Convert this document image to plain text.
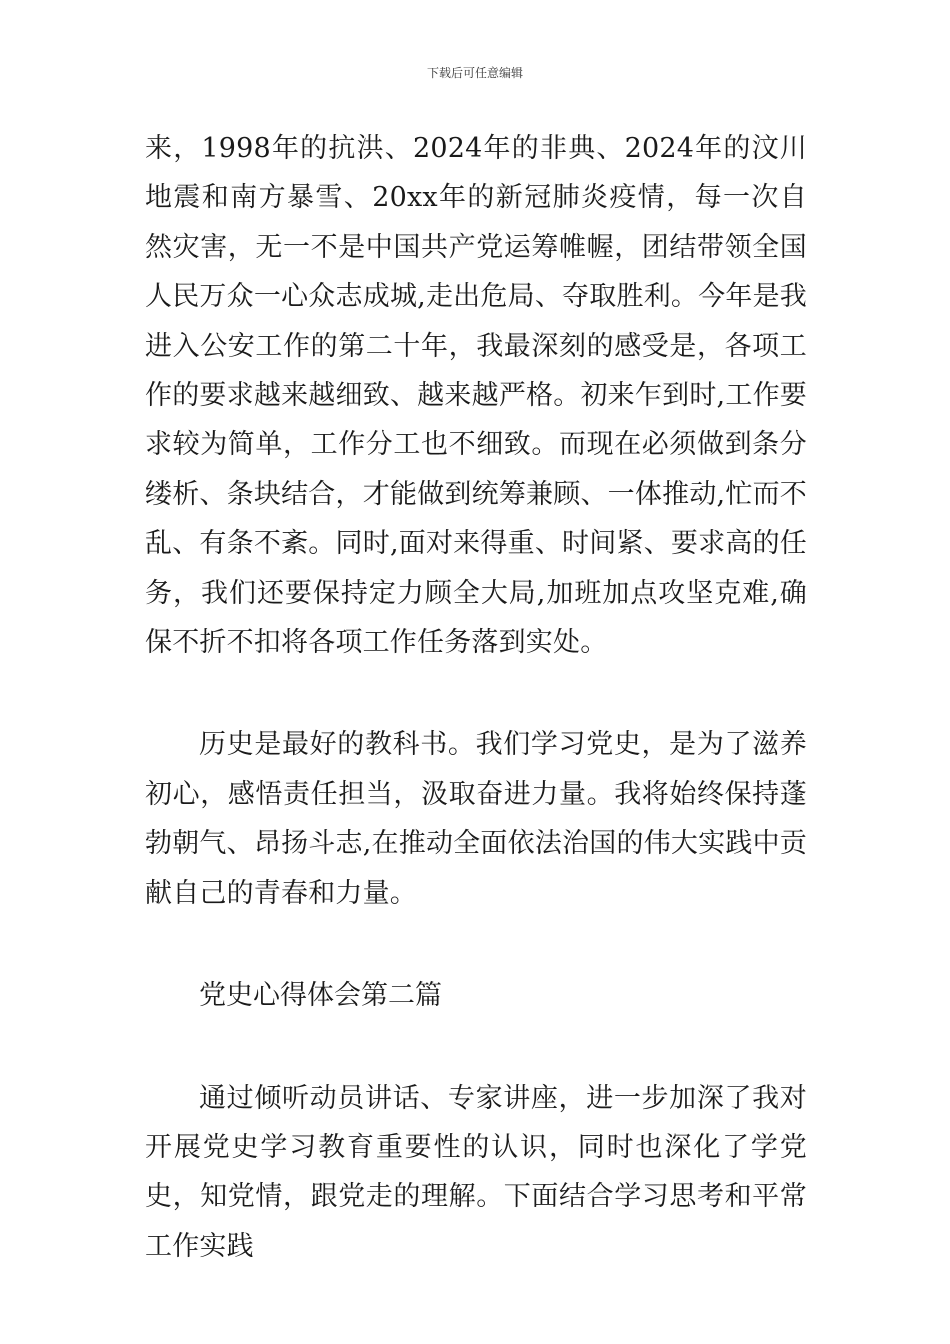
下载后可任意编辑

来，1998年的抗洪、2024年的非典、2024年的汶川地震和南方暴雪、20xx年的新冠肺炎疫情，每一次自然灾害，无一不是中国共产党运筹帷幄，团结带领全国人民万众一心众志成城,走出危局、夺取胜利。今年是我进入公安工作的第二十年，我最深刻的感受是，各项工作的要求越来越细致、越来越严格。初来乍到时,工作要求较为简单，工作分工也不细致。而现在必须做到条分缕析、条块结合，才能做到统筹兼顾、一体推动,忙而不乱、有条不紊。同时,面对来得重、时间紧、要求高的任务，我们还要保持定力顾全大局,加班加点攻坚克难,确保不折不扣将各项工作任务落到实处。

历史是最好的教科书。我们学习党史，是为了滋养初心，感悟责任担当，汲取奋进力量。我将始终保持蓬勃朝气、昂扬斗志,在推动全面依法治国的伟大实践中贡献自己的青春和力量。

党史心得体会第二篇

通过倾听动员讲话、专家讲座，进一步加深了我对开展党史学习教育重要性的认识，同时也深化了学党史，知党情，跟党走的理解。下面结合学习思考和平常工作实践
